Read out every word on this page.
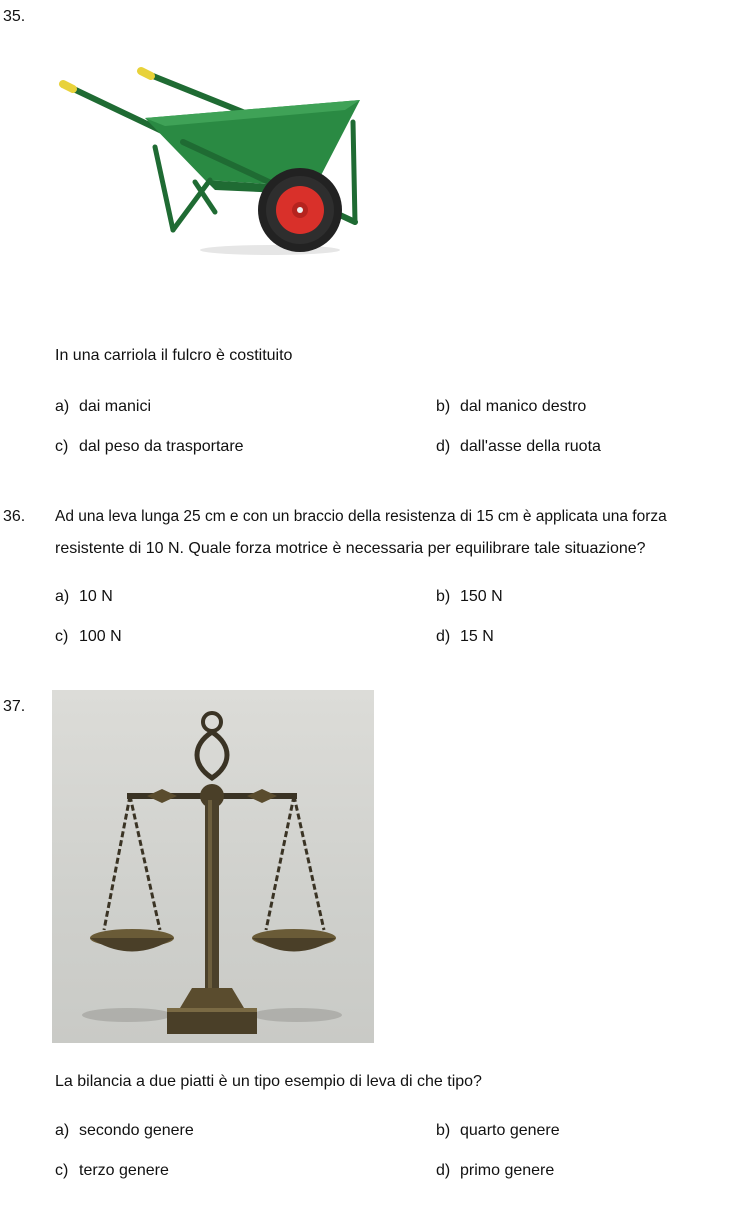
35.
In una carriola il fulcro è costituito
a) dai manici	b) dal manico destro
c) dal peso da trasportare	d) dall'asse della ruota
36. Ad una leva lunga 25 cm e con un braccio della resistenza di 15 cm è applicata una forza
resistente di 10 N. Quale forza motrice è necessaria per equilibrare tale situazione?
a) 10 N	b) 150 N
c) 100 N	d) 15 N
37.
La bilancia a due piatti è un tipo esempio di leva di che tipo?
a) secondo genere	b) quarto genere
c) terzo genere	d) primo genere
